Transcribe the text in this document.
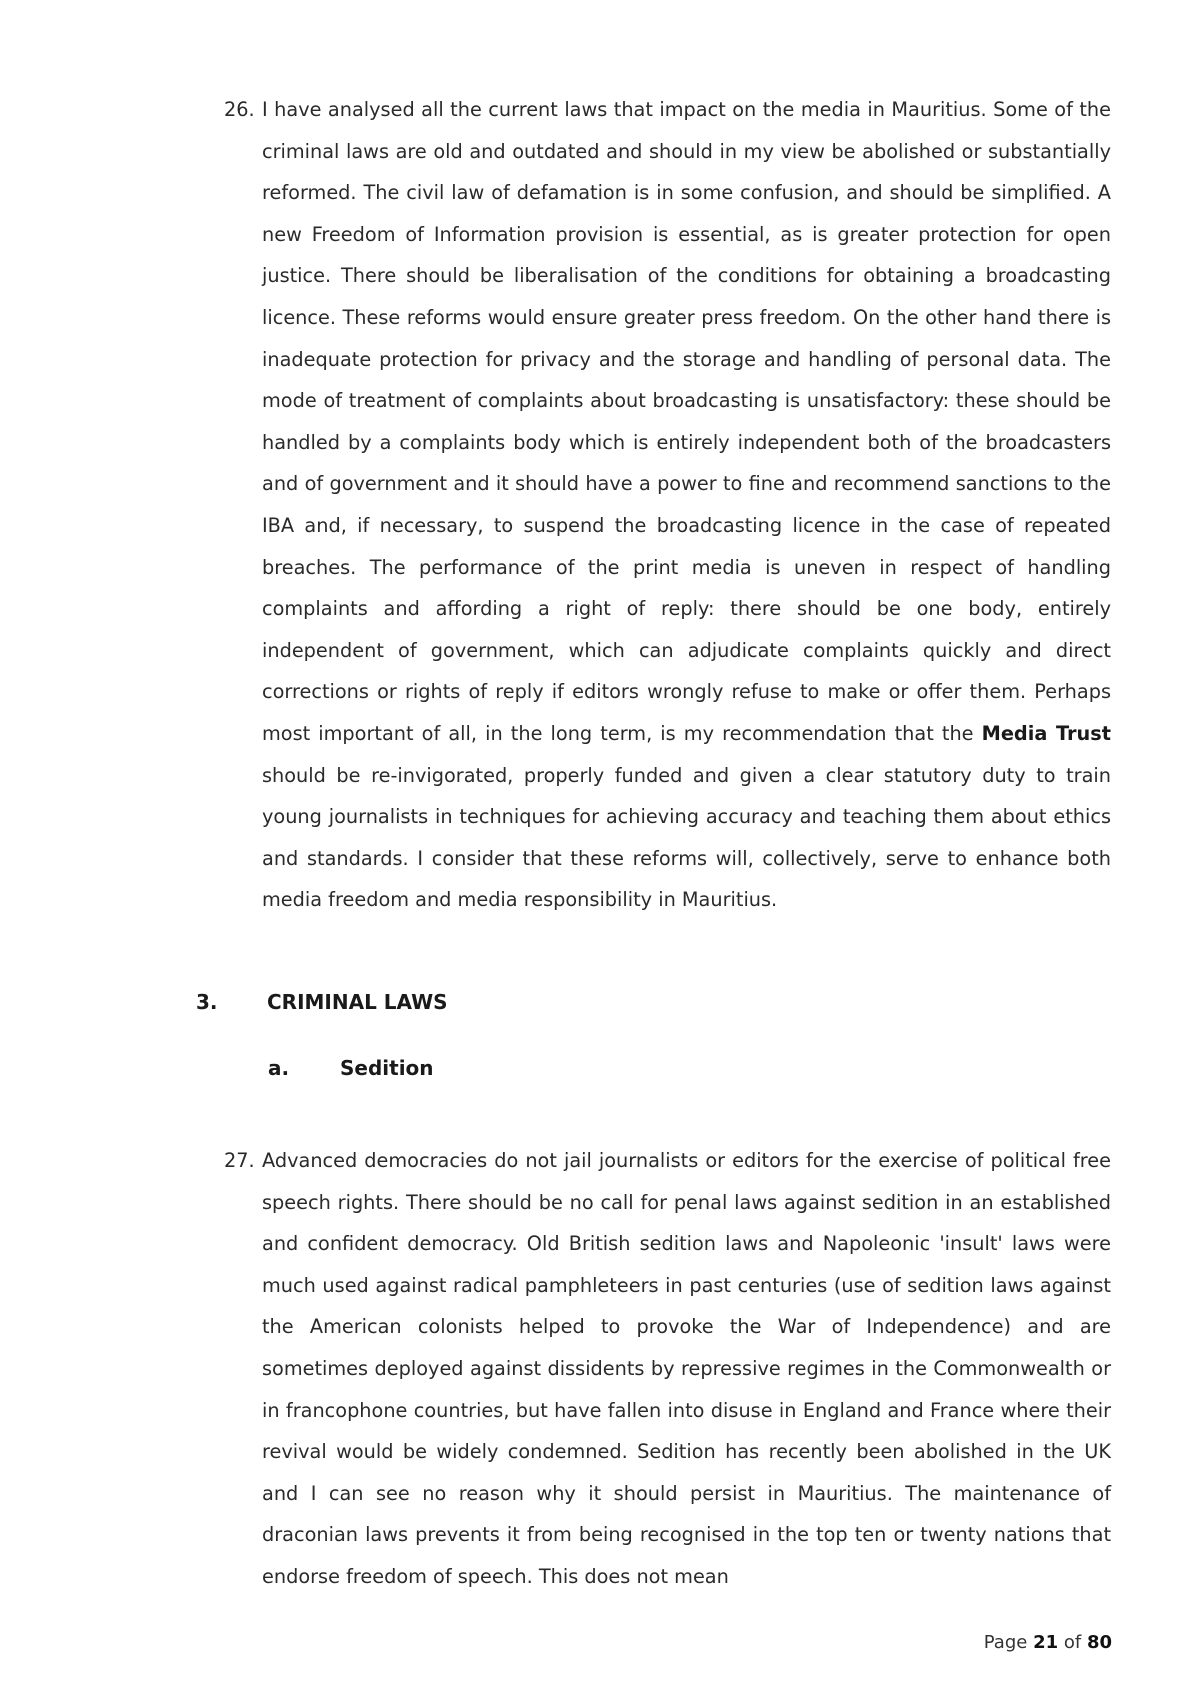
26. I have analysed all the current laws that impact on the media in Mauritius. Some of the criminal laws are old and outdated and should in my view be abolished or substantially reformed. The civil law of defamation is in some confusion, and should be simplified. A new Freedom of Information provision is essential, as is greater protection for open justice. There should be liberalisation of the conditions for obtaining a broadcasting licence. These reforms would ensure greater press freedom. On the other hand there is inadequate protection for privacy and the storage and handling of personal data. The mode of treatment of complaints about broadcasting is unsatisfactory: these should be handled by a complaints body which is entirely independent both of the broadcasters and of government and it should have a power to fine and recommend sanctions to the IBA and, if necessary, to suspend the broadcasting licence in the case of repeated breaches. The performance of the print media is uneven in respect of handling complaints and affording a right of reply: there should be one body, entirely independent of government, which can adjudicate complaints quickly and direct corrections or rights of reply if editors wrongly refuse to make or offer them. Perhaps most important of all, in the long term, is my recommendation that the Media Trust should be re-invigorated, properly funded and given a clear statutory duty to train young journalists in techniques for achieving accuracy and teaching them about ethics and standards. I consider that these reforms will, collectively, serve to enhance both media freedom and media responsibility in Mauritius.
3. CRIMINAL LAWS
a.	Sedition
27. Advanced democracies do not jail journalists or editors for the exercise of political free speech rights. There should be no call for penal laws against sedition in an established and confident democracy. Old British sedition laws and Napoleonic 'insult' laws were much used against radical pamphleteers in past centuries (use of sedition laws against the American colonists helped to provoke the War of Independence) and are sometimes deployed against dissidents by repressive regimes in the Commonwealth or in francophone countries, but have fallen into disuse in England and France where their revival would be widely condemned. Sedition has recently been abolished in the UK and I can see no reason why it should persist in Mauritius. The maintenance of draconian laws prevents it from being recognised in the top ten or twenty nations that endorse freedom of speech. This does not mean
Page 21 of 80
